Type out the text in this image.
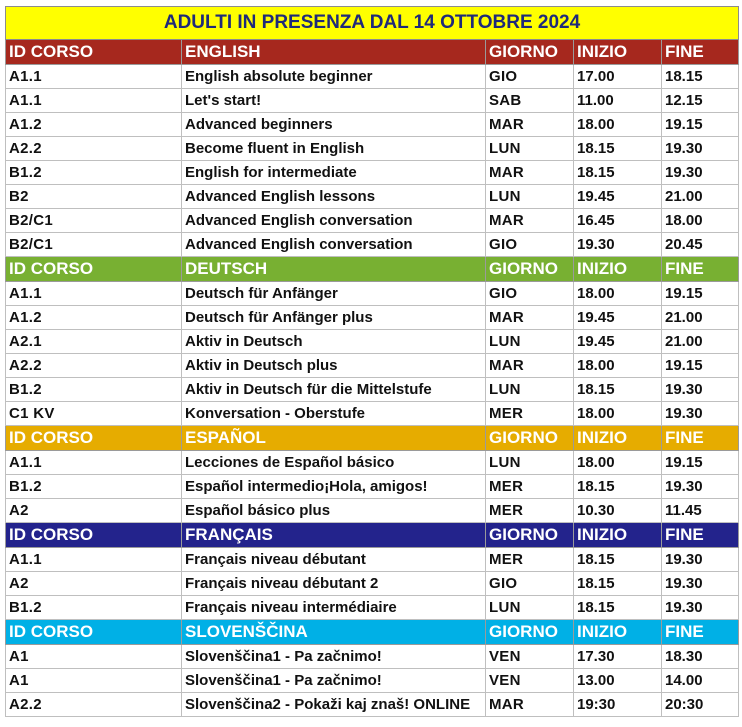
ADULTI IN PRESENZA DAL 14 OTTOBRE 2024				
ID CORSO	ENGLISH	GIORNO	INIZIO	FINE
A1.1	English absolute beginner	GIO	17.00	18.15
A1.1	Let's start!	SAB	11.00	12.15
A1.2	Advanced beginners	MAR	18.00	19.15
A2.2	Become fluent in English	LUN	18.15	19.30
B1.2	English for intermediate	MAR	18.15	19.30
B2	Advanced English lessons	LUN	19.45	21.00
B2/C1	Advanced English conversation	MAR	16.45	18.00
B2/C1	Advanced English conversation	GIO	19.30	20.45
ID CORSO	DEUTSCH	GIORNO	INIZIO	FINE
A1.1	Deutsch für Anfänger	GIO	18.00	19.15
A1.2	Deutsch für Anfänger plus	MAR	19.45	21.00
A2.1	Aktiv in Deutsch	LUN	19.45	21.00
A2.2	Aktiv in Deutsch plus	MAR	18.00	19.15
B1.2	Aktiv in Deutsch für die Mittelstufe	LUN	18.15	19.30
C1 KV	Konversation - Oberstufe	MER	18.00	19.30
ID CORSO	ESPAÑOL	GIORNO	INIZIO	FINE
A1.1	Lecciones de Español básico	LUN	18.00	19.15
B1.2	Español intermedio¡Hola, amigos!	MER	18.15	19.30
A2	Español básico plus	MER	10.30	11.45
ID CORSO	FRANÇAIS	GIORNO	INIZIO	FINE
A1.1	Français niveau débutant	MER	18.15	19.30
A2	Français niveau débutant 2	GIO	18.15	19.30
B1.2	Français niveau intermédiaire	LUN	18.15	19.30
ID CORSO	SLOVENŠČINA	GIORNO	INIZIO	FINE
A1	Slovenščina1 - Pa začnimo!	VEN	17.30	18.30
A1	Slovenščina1 - Pa začnimo!	VEN	13.00	14.00
A2.2	Slovenščina2 - Pokaži kaj znaš! ONLINE	MAR	19:30	20:30
